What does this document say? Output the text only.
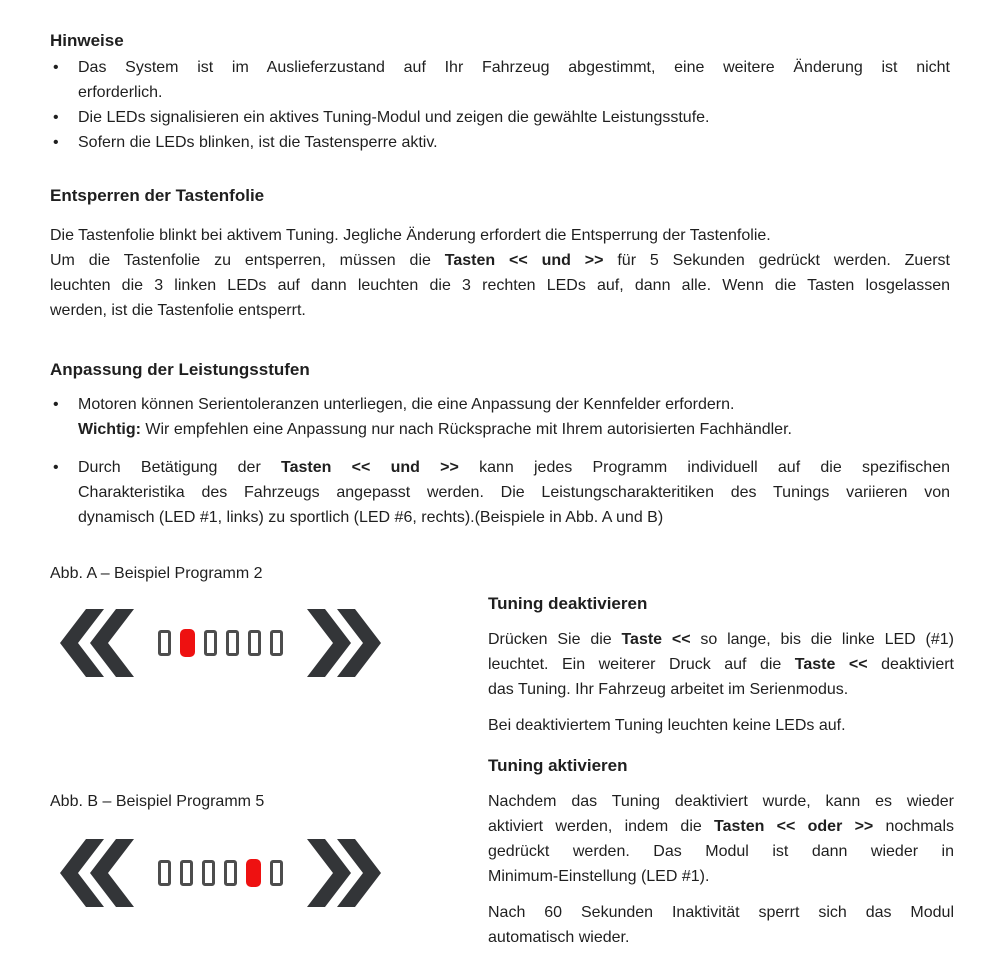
Hinweise
• Das System ist im Auslieferzustand auf Ihr Fahrzeug abgestimmt, eine weitere Änderung ist nicht
erforderlich.
• Die LEDs signalisieren ein aktives Tuning-Modul und zeigen die gewählte Leistungsstufe.
• Sofern die LEDs blinken, ist die Tastensperre aktiv.
Entsperren der Tastenfolie

Die Tastenfolie blinkt bei aktivem Tuning. Jegliche Änderung erfordert die Entsperrung der Tastenfolie.
Um die Tastenfolie zu entsperren, müssen die Tasten << und >> für 5 Sekunden gedrückt werden. Zuerst
leuchten die 3 linken LEDs auf dann leuchten die 3 rechten LEDs auf, dann alle. Wenn die Tasten losgelassen
werden, ist die Tastenfolie entsperrt.

Anpassung der Leistungsstufen
• Motoren können Serientoleranzen unterliegen, die eine Anpassung der Kennfelder erfordern.
Wichtig: Wir empfehlen eine Anpassung nur nach Rücksprache mit Ihrem autorisierten Fachhändler.
• Durch Betätigung der Tasten << und >> kann jedes Programm individuell auf die spezifischen
Charakteristika des Fahrzeugs angepasst werden. Die Leistungscharakteritiken des Tunings variieren von
dynamisch (LED #1, links) zu sportlich (LED #6, rechts).(Beispiele in Abb. A und B)
Abb. A – Beispiel Programm 2
Abb. B – Beispiel Programm 5
Tuning deaktivieren

Drücken Sie die Taste << so lange, bis die linke LED (#1)
leuchtet. Ein weiterer Druck auf die Taste << deaktiviert
das Tuning. Ihr Fahrzeug arbeitet im Serienmodus.

Bei deaktiviertem Tuning leuchten keine LEDs auf.

Tuning aktivieren

Nachdem das Tuning deaktiviert wurde, kann es wieder
aktiviert werden, indem die Tasten << oder >> nochmals
gedrückt werden. Das Modul ist dann wieder in
Minimum-Einstellung (LED #1).

Nach 60 Sekunden Inaktivität sperrt sich das Modul
automatisch wieder.
